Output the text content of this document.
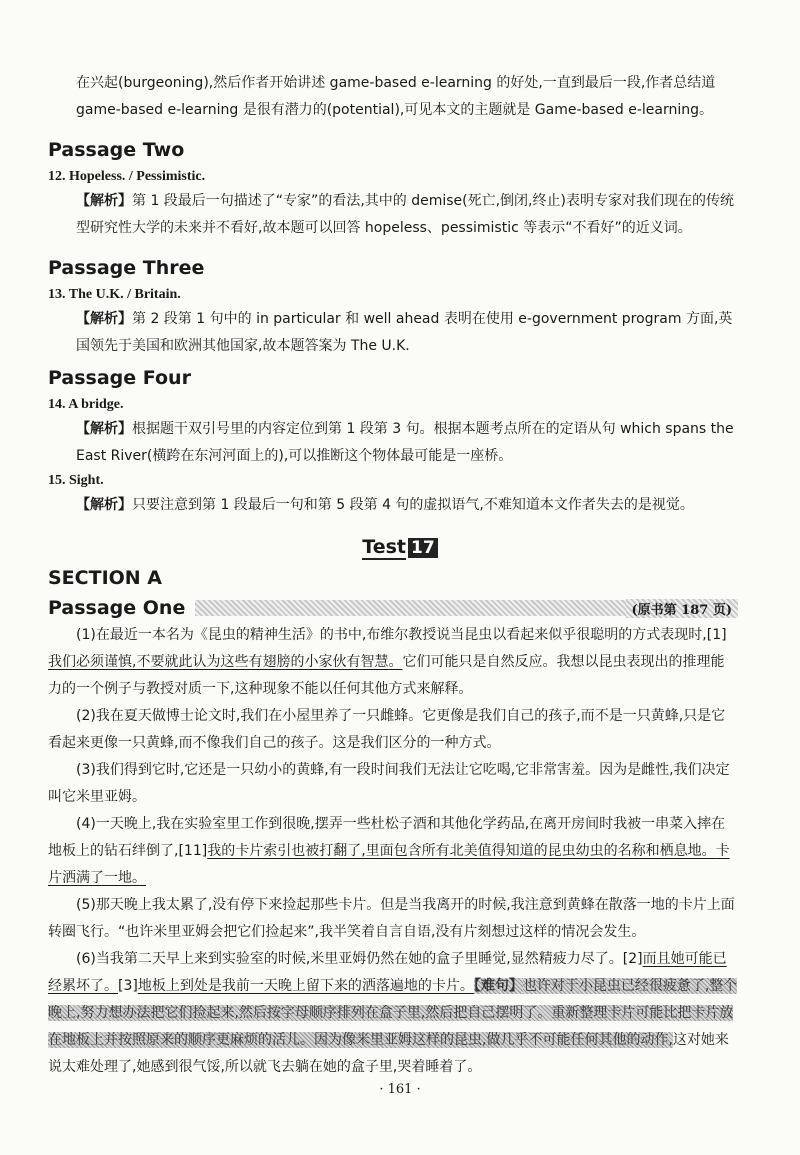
在兴起(burgeoning),然后作者开始讲述 game-based e-learning 的好处,一直到最后一段,作者总结道

game-based e-learning 是很有潜力的(potential),可见本文的主题就是 Game-based e-learning。

Passage Two

12. Hopeless. / Pessimistic.

【解析】第 1 段最后一句描述了“专家”的看法,其中的 demise(死亡,倒闭,终止)表明专家对我们现在的传统型研究性大学的未来并不看好,故本题可以回答 hopeless、pessimistic 等表示“不看好”的近义词。

Passage Three

13. The U.K. / Britain.

【解析】第 2 段第 1 句中的 in particular 和 well ahead 表明在使用 e-government program 方面,英国领先于美国和欧洲其他国家,故本题答案为 The U.K.

Passage Four

14. A bridge.

【解析】根据题干双引号里的内容定位到第 1 段第 3 句。根据本题考点所在的定语从句 which spans the East River(横跨在东河河面上的),可以推断这个物体最可能是一座桥。

15. Sight.

【解析】只要注意到第 1 段最后一句和第 5 段第 4 句的虚拟语气,不难知道本文作者失去的是视觉。

Test 17
SECTION A
Passage One	(原书第 187 页)

(1)在最近一本名为《昆虫的精神生活》的书中,布维尔教授说当昆虫以看起来似乎很聪明的方式表现时,[1]我们必须谨慎,不要就此认为这些有翅膀的小家伙有智慧。它们可能只是自然反应。我想以昆虫表现出的推理能力的一个例子与教授对质一下,这种现象不能以任何其他方式来解释。

(2)我在夏天做博士论文时,我们在小屋里养了一只雌蜂。它更像是我们自己的孩子,而不是一只黄蜂,只是它看起来更像一只黄蜂,而不像我们自己的孩子。这是我们区分的一种方式。

(3)我们得到它时,它还是一只幼小的黄蜂,有一段时间我们无法让它吃喝,它非常害羞。因为是雌性,我们决定叫它米里亚姆。

(4)一天晚上,我在实验室里工作到很晚,摆弄一些杜松子酒和其他化学药品,在离开房间时我被一串菜入摔在地板上的钻石绊倒了,[11]我的卡片索引也被打翻了,里面包含所有北美值得知道的昆虫幼虫的名称和栖息地。卡片洒满了一地。

(5)那天晚上我太累了,没有停下来捡起那些卡片。但是当我离开的时候,我注意到黄蜂在散落一地的卡片上面转圈飞行。“也许米里亚姆会把它们捡起来”,我半笑着自言自语,没有片刻想过这样的情况会发生。

(6)当我第二天早上来到实验室的时候,米里亚姆仍然在她的盒子里睡觉,显然精疲力尽了。[2]而且她可能已经累坏了。[3]地板上到处是我前一天晚上留下来的洒落遍地的卡片。【难句】也许对于小昆虫已经很疲惫了,整个晚上,努力想办法把它们捡起来,然后按字母顺序排列在盒子里,然后把自己摆明了。重新整理卡片可能比把卡片放在地板上并按照原来的顺序更麻烦的活儿。因为像米里亚姆这样的昆虫,做几乎不可能任何其他的动作,这对她来说太难处理了,她感到很气馁,所以就飞去躺在她的盒子里,哭着睡着了。

· 161 ·
